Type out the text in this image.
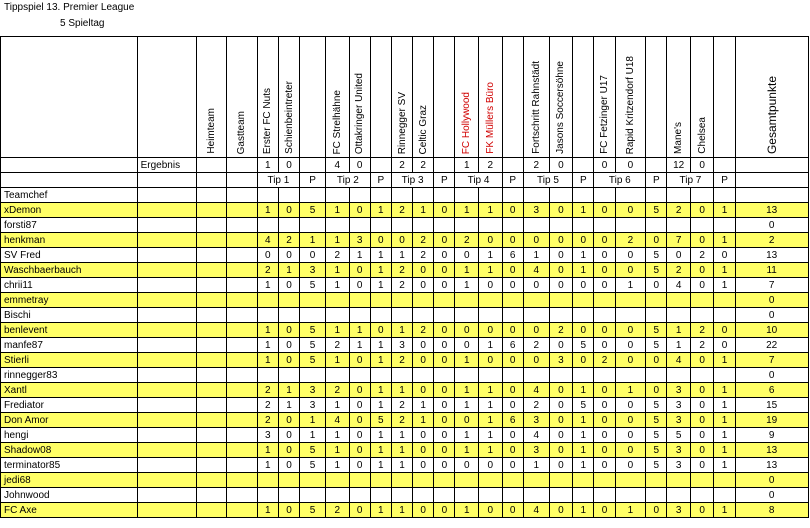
Tippspiel 13. Premier League
5 Spieltag
		Heimteam	Gastteam	Erster FC Nuts	Schienbeintreter		FC Strelhähne	Ottakringer United		Rinnegger SV	Celtic Graz		FC Hollywood	FK Müllers Büro		Fortschritt Rahnstädt	Jasons Soccersöhne		FC Fetzinger U17	Rapid Kritzendorf U18		Mane's	Chelsea		Gesamtpunkte
	Ergebnis			1	0		4	0		2	2		1	2		2	0		0	0		12	0		
				Tip 1		P	Tip 2		P	Tip 3		P	Tip 4		P	Tip 5		P	Tip 6		P	Tip 7		P	
Teamchef																									
xDemon				1	0	5	1	0	1	2	1	0	1	1	0	3	0	1	0	0	5	2	0	1	13
forsti87																									0
henkman				4	2	1	1	3	0	0	2	0	2	0	0	0	0	0	0	2	0	7	0	1	2
SV Fred				0	0	0	2	1	1	1	2	0	0	1	6	1	0	1	0	0	5	0	2	0	13
Waschbaerbauch				2	1	3	1	0	1	2	0	0	1	1	0	4	0	1	0	0	5	2	0	1	11
chrii11				1	0	5	1	0	1	2	0	0	1	0	0	0	0	0	0	1	0	4	0	1	7
emmetray																									0
Bischi																									0
benlevent				1	0	5	1	1	0	1	2	0	0	0	0	0	2	0	0	0	5	1	2	0	10
manfe87				1	0	5	2	1	1	3	0	0	0	1	6	2	0	5	0	0	5	1	2	0	22
Stierli				1	0	5	1	0	1	2	0	0	1	0	0	0	3	0	2	0	0	4	0	1	7
rinnegger83																									0
Xantl				2	1	3	2	0	1	1	0	0	1	1	0	4	0	1	0	1	0	3	0	1	6
Frediator				2	1	3	1	0	1	2	1	0	1	1	0	2	0	5	0	0	5	3	0	1	15
Don Amor				2	0	1	4	0	5	2	1	0	0	1	6	3	0	1	0	0	5	3	0	1	19
hengi				3	0	1	1	0	1	1	0	0	1	1	0	4	0	1	0	0	5	5	0	1	9
Shadow08				1	0	5	1	0	1	1	0	0	1	1	0	3	0	1	0	0	5	3	0	1	13
terminator85				1	0	5	1	0	1	1	0	0	0	0	0	1	0	1	0	0	5	3	0	1	13
jedi68																									0
Johnwood																									0
FC Axe				1	0	5	2	0	1	1	0	0	1	0	0	4	0	1	0	1	0	3	0	1	8
